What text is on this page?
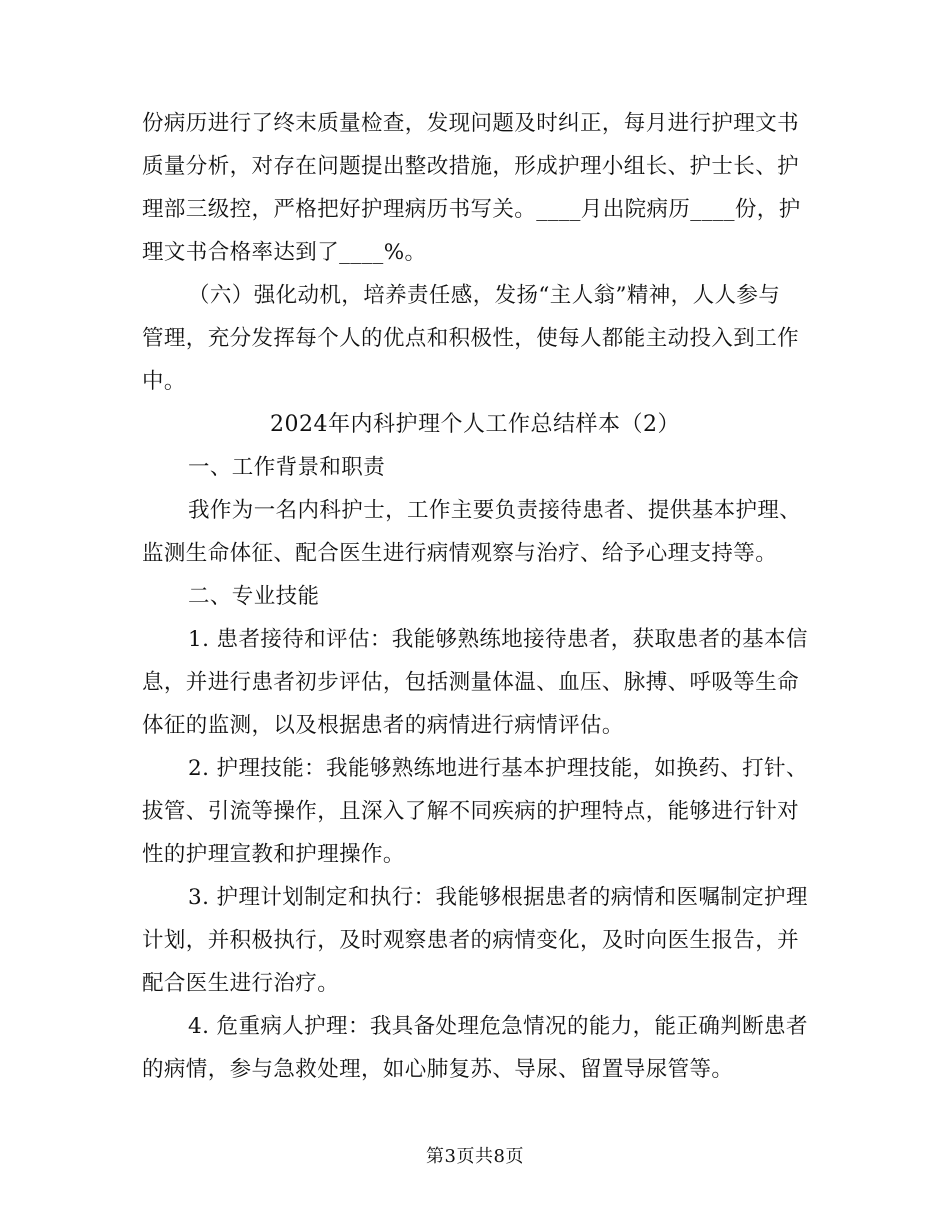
份病历进行了终末质量检查，发现问题及时纠正，每月进行护理文书
质量分析，对存在问题提出整改措施，形成护理小组长、护士长、护
理部三级控，严格把好护理病历书写关。____月出院病历____份，护
理文书合格率达到了____%。
（六）强化动机，培养责任感，发扬“主人翁”精神，人人参与
管理，充分发挥每个人的优点和积极性，使每人都能主动投入到工作
中。
2024年内科护理个人工作总结样本（2）
一、工作背景和职责
我作为一名内科护士，工作主要负责接待患者、提供基本护理、
监测生命体征、配合医生进行病情观察与治疗、给予心理支持等。
二、专业技能
1. 患者接待和评估：我能够熟练地接待患者，获取患者的基本信
息，并进行患者初步评估，包括测量体温、血压、脉搏、呼吸等生命
体征的监测，以及根据患者的病情进行病情评估。
2. 护理技能：我能够熟练地进行基本护理技能，如换药、打针、
拔管、引流等操作，且深入了解不同疾病的护理特点，能够进行针对
性的护理宣教和护理操作。
3. 护理计划制定和执行：我能够根据患者的病情和医嘱制定护理
计划，并积极执行，及时观察患者的病情变化，及时向医生报告，并
配合医生进行治疗。
4. 危重病人护理：我具备处理危急情况的能力，能正确判断患者
的病情，参与急救处理，如心肺复苏、导尿、留置导尿管等。
第3页共8页
